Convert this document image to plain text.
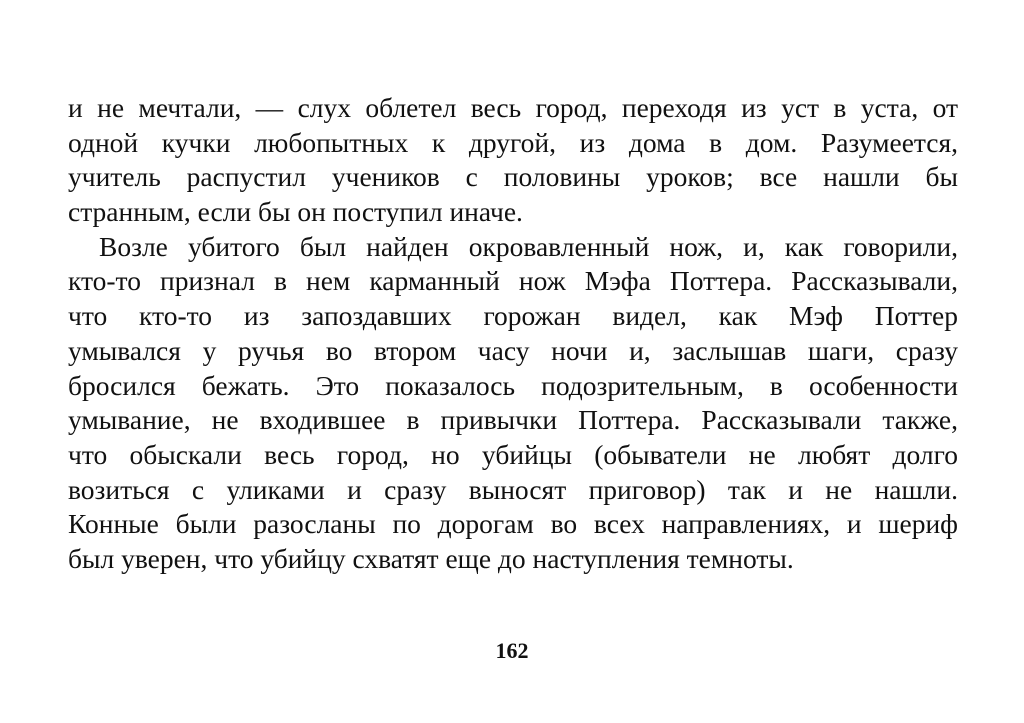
и не мечтали, — слух облетел весь город, переходя из уст в уста, от
одной кучки любопытных к другой, из дома в дом. Разумеется,
учитель распустил учеников с половины уроков; все нашли бы
странным, если бы он поступил иначе.
Возле убитого был найден окровавленный нож, и, как говорили,
кто-то признал в нем карманный нож Мэфа Поттера. Рассказывали,
что кто-то из запоздавших горожан видел, как Мэф Поттер
умывался у ручья во втором часу ночи и, заслышав шаги, сразу
бросился бежать. Это показалось подозрительным, в особенности
умывание, не входившее в привычки Поттера. Рассказывали также,
что обыскали весь город, но убийцы (обыватели не любят долго
возиться с уликами и сразу выносят приговор) так и не нашли.
Конные были разосланы по дорогам во всех направлениях, и шериф
был уверен, что убийцу схватят еще до наступления темноты.
162
